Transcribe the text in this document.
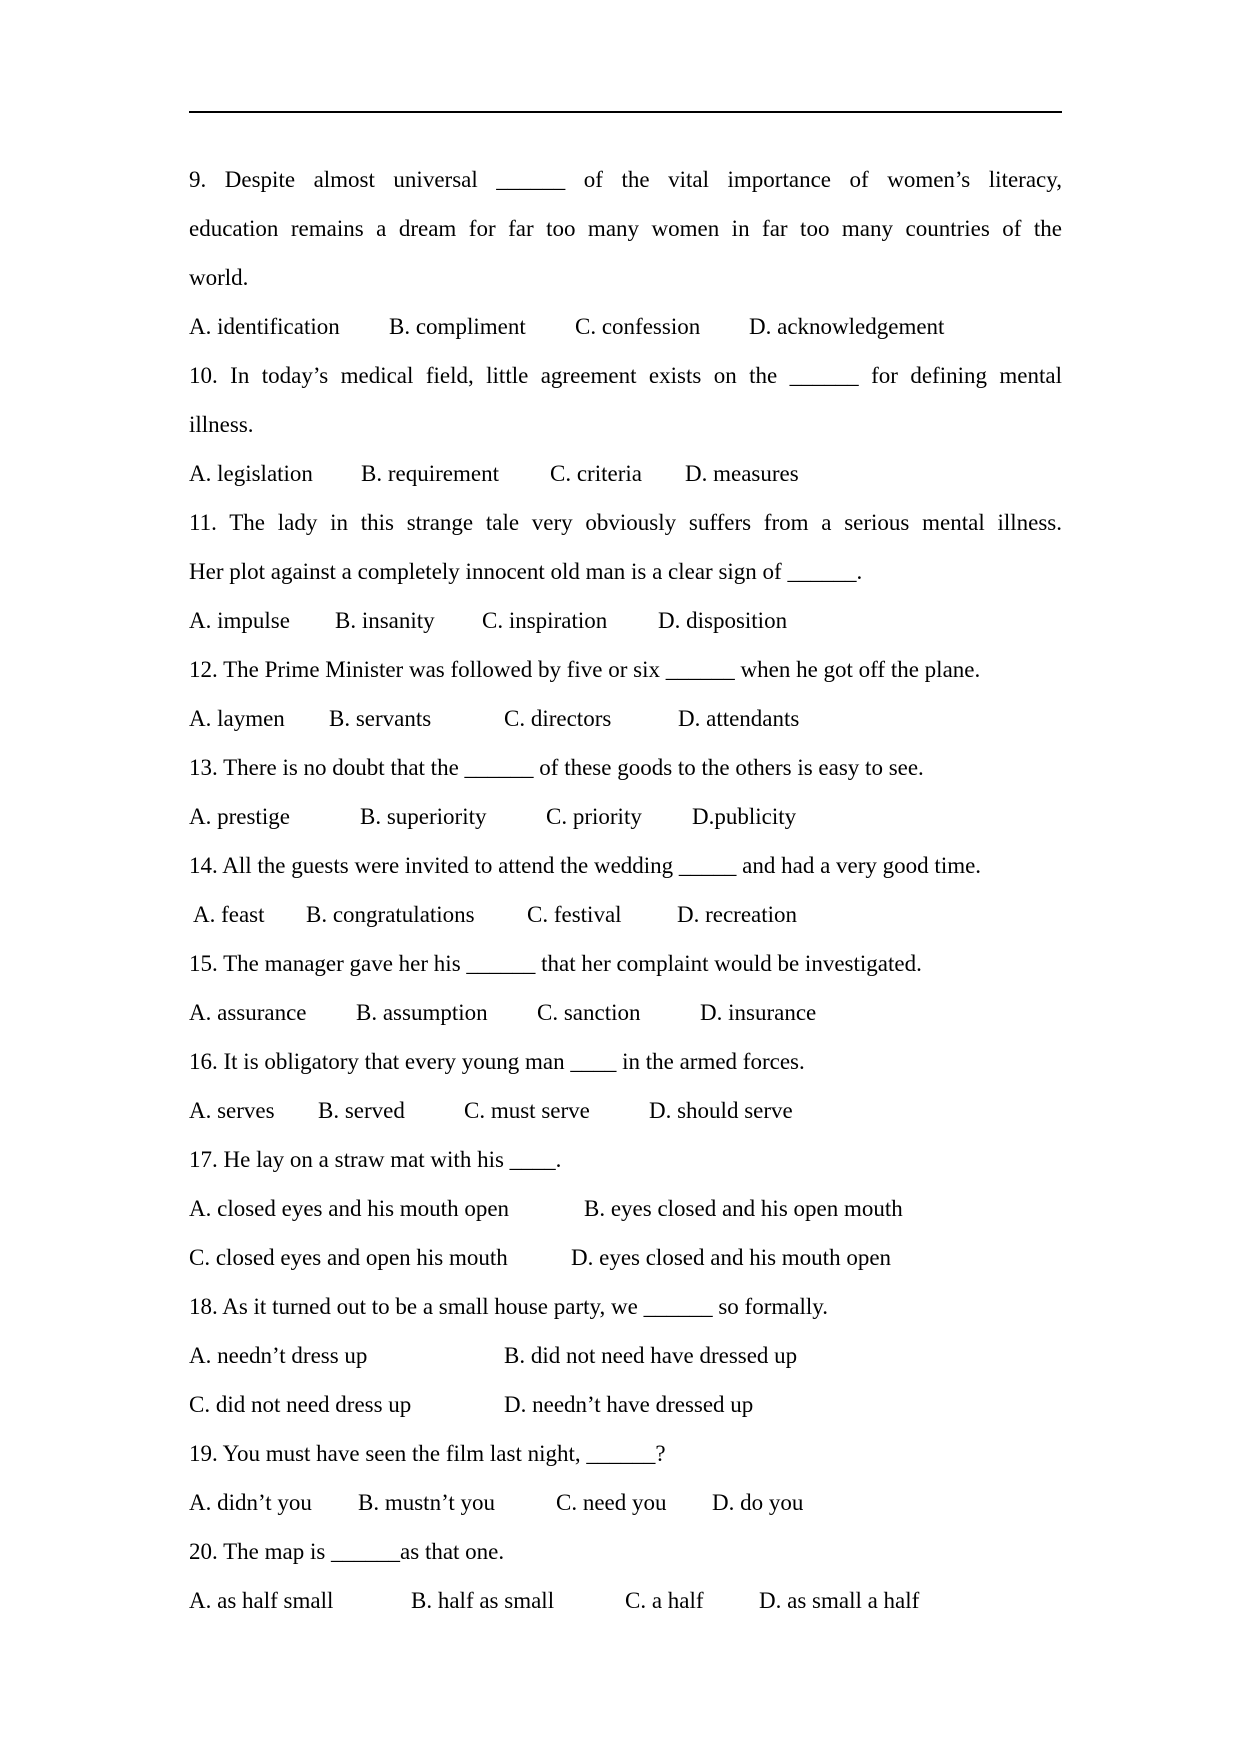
9. Despite almost universal ______ of the vital importance of women’s literacy,
education remains a dream for far too many women in far too many countries of the
world.
A. identification	B. compliment	C. confession	D. acknowledgement
10. In today’s medical field, little agreement exists on the ______ for defining mental
illness.
A. legislation	B. requirement	C. criteria	D. measures
11. The lady in this strange tale very obviously suffers from a serious mental illness.
Her plot against a completely innocent old man is a clear sign of ______.
A. impulse	B. insanity	C. inspiration	D. disposition
12. The Prime Minister was followed by five or six ______ when he got off the plane.
A. laymen	B. servants	C. directors	D. attendants
13. There is no doubt that the ______ of these goods to the others is easy to see.
A. prestige	B. superiority	C. priority	D.publicity
14. All the guests were invited to attend the wedding _____ and had a very good time.
A. feast	B. congratulations	C. festival	D. recreation
15. The manager gave her his ______ that her complaint would be investigated.
A. assurance	B. assumption	C. sanction	D. insurance
16. It is obligatory that every young man ____ in the armed forces.
A. serves	B. served	C. must serve	D. should serve
17. He lay on a straw mat with his ____.
A. closed eyes and his mouth open	B. eyes closed and his open mouth
C. closed eyes and open his mouth	D. eyes closed and his mouth open
18. As it turned out to be a small house party, we ______ so formally.
A. needn’t dress up	B. did not need have dressed up
C. did not need dress up	D. needn’t have dressed up
19. You must have seen the film last night, ______?
A. didn’t you	B. mustn’t you	C. need you	D. do you
20. The map is ______as that one.
A. as half small	B. half as small	C. a half	D. as small a half
